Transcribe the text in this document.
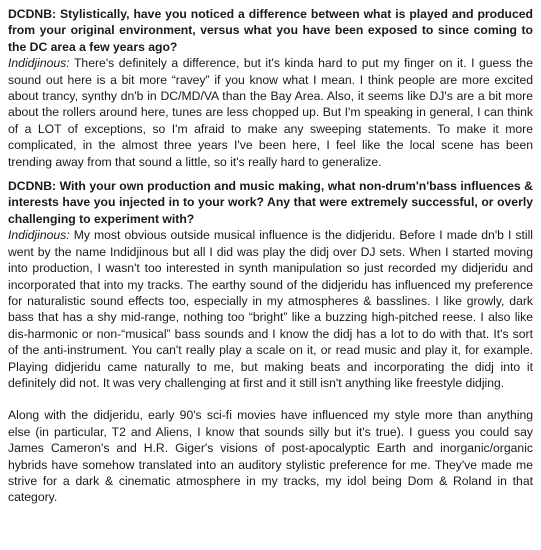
DCDNB: Stylistically, have you noticed a difference between what is played and produced from your original environment, versus what you have been exposed to since coming to the DC area a few years ago?

Indidjinous: There's definitely a difference, but it's kinda hard to put my finger on it. I guess the sound out here is a bit more “ravey” if you know what I mean. I think people are more excited about trancy, synthy dn'b in DC/MD/VA than the Bay Area. Also, it seems like DJ's are a bit more about the rollers around here, tunes are less chopped up. But I'm speaking in general, I can think of a LOT of exceptions, so I'm afraid to make any sweeping statements. To make it more complicated, in the almost three years I've been here, I feel like the local scene has been trending away from that sound a little, so it's really hard to generalize.

DCDNB: With your own production and music making, what non-drum'n'bass influences & interests have you injected in to your work? Any that were extremely successful, or overly challenging to experiment with?

Indidjinous: My most obvious outside musical influence is the didjeridu. Before I made dn'b I still went by the name Indidjinous but all I did was play the didj over DJ sets. When I started moving into production, I wasn't too interested in synth manipulation so just recorded my didjeridu and incorporated that into my tracks. The earthy sound of the didjeridu has influenced my preference for naturalistic sound effects too, especially in my atmospheres & basslines. I like growly, dark bass that has a shy mid-range, nothing too “bright” like a buzzing high-pitched reese. I also like dis-harmonic or non-“musical” bass sounds and I know the didj has a lot to do with that. It's sort of the anti-instrument. You can't really play a scale on it, or read music and play it, for example. Playing didjeridu came naturally to me, but making beats and incorporating the didj into it definitely did not. It was very challenging at first and it still isn't anything like freestyle didjing.

Along with the didjeridu, early 90's sci-fi movies have influenced my style more than anything else (in particular, T2 and Aliens, I know that sounds silly but it's true). I guess you could say James Cameron's and H.R. Giger's visions of post-apocalyptic Earth and inorganic/organic hybrids have somehow translated into an auditory stylistic preference for me. They've made me strive for a dark & cinematic atmosphere in my tracks, my idol being Dom & Roland in that category.
